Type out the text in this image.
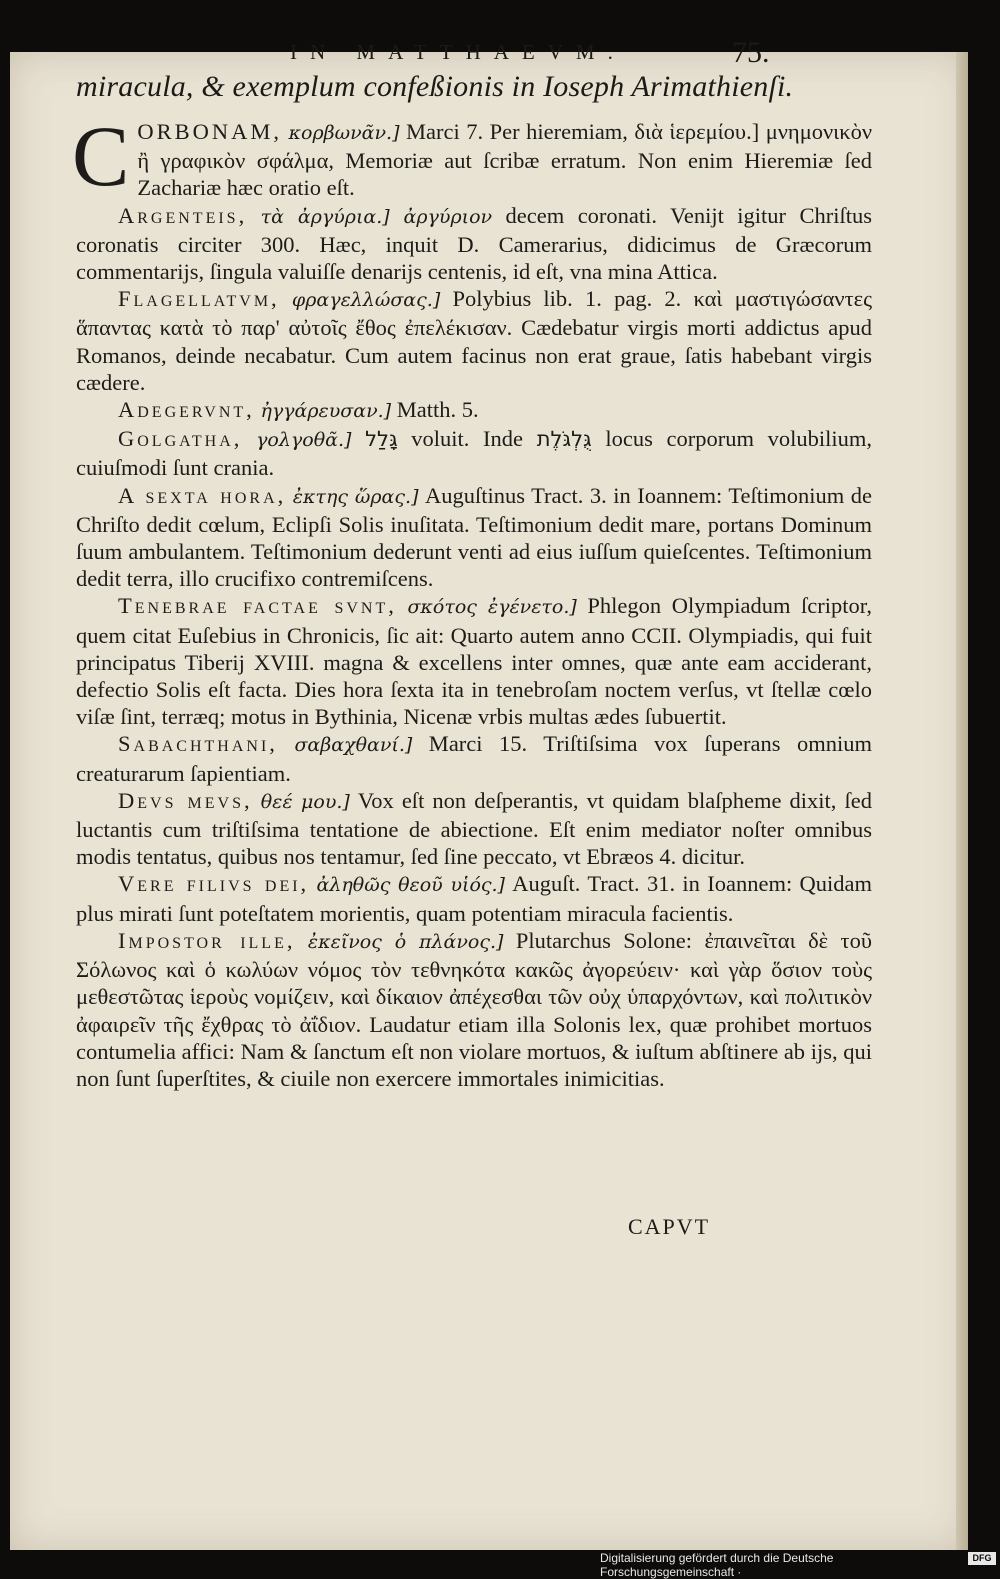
IN MATTHAEVM.	75.
miracula, & exemplum confeßionis in Ioseph Arimathienſi.

CORBONAM, κορβωνᾶν.] Marci 7. Per hieremiam, διὰ ἱερεμίου.] μνημονικὸν ἢ γραφικὸν σφάλμα, Memoriæ aut ſcribæ erratum. Non enim Hieremiæ ſed Zachariæ hæc oratio eſt.

Argenteis, τὰ ἀργύρια.] ἀργύριον decem coronati. Venijt igitur Chriſtus coronatis circiter 300. Hæc, inquit D. Camerarius, didicimus de Græcorum commentarijs, ſingula valuiſſe denarijs centenis, id eſt, vna mina Attica.

Flagellatvm, φραγελλώσας.] Polybius lib. 1. pag. 2. καὶ μαστιγώσαντες ἅπαντας κατὰ τὸ παρ' αὐτοῖς ἔθος ἐπελέκισαν. Cædebatur virgis morti addictus apud Romanos, deinde necabatur. Cum autem facinus non erat graue, ſatis habebant virgis cædere.

Adegervnt, ἠγγάρευσαν.] Matth. 5.

Golgatha, γολγοθᾶ.] גָּלַל voluit. Inde גֻּלְגֹּלֶת locus corporum volubilium, cuiuſmodi ſunt crania.

A sexta hora, ἐκτης ὥρας.] Auguſtinus Tract. 3. in Ioannem: Teſtimonium de Chriſto dedit cœlum, Eclipſi Solis inuſitata. Teſtimonium dedit mare, portans Dominum ſuum ambulantem. Teſtimonium dederunt venti ad eius iuſſum quieſcentes. Teſtimonium dedit terra, illo crucifixo contremiſcens.

Tenebrae factae svnt, σκότος ἐγένετο.] Phlegon Olympiadum ſcriptor, quem citat Euſebius in Chronicis, ſic ait: Quarto autem anno CCII. Olympiadis, qui fuit principatus Tiberij XVIII. magna & excellens inter omnes, quæ ante eam acciderant, defectio Solis eſt facta. Dies hora ſexta ita in tenebroſam noctem verſus, vt ſtellæ cœlo viſæ ſint, terræq; motus in Bythinia, Nicenæ vrbis multas ædes ſubuertit.

Sabachthani, σαβαχθανί.] Marci 15. Triſtiſsima vox ſuperans omnium creaturarum ſapientiam.

Devs mevs, θεέ μου.] Vox eſt non deſperantis, vt quidam blaſpheme dixit, ſed luctantis cum triſtiſsima tentatione de abiectione. Eſt enim mediator noſter omnibus modis tentatus, quibus nos tentamur, ſed ſine peccato, vt Ebræos 4. dicitur.

Vere filivs dei, ἀληθῶς θεοῦ υἱός.] Auguſt. Tract. 31. in Ioannem: Quidam plus mirati ſunt poteſtatem morientis, quam potentiam miracula facientis.

Impostor ille, ἐκεῖνος ὁ πλάνος.] Plutarchus Solone: ἐπαινεῖται δὲ τοῦ Σόλωνος καὶ ὁ κωλύων νόμος τὸν τεθνηκότα κακῶς ἀγορεύειν· καὶ γὰρ ὅσιον τοὺς μεθεστῶτας ἱεροὺς νομίζειν, καὶ δίκαιον ἀπέχεσθαι τῶν οὐχ ὑπαρχόντων, καὶ πολιτικὸν ἀφαιρεῖν τῆς ἔχθρας τὸ ἀΐδιον. Laudatur etiam illa Solonis lex, quæ prohibet mortuos contumelia affici: Nam & ſanctum eſt non violare mortuos, & iuſtum abſtinere ab ijs, qui non ſunt ſuperſtites, & ciuile non exercere immortales inimicitias.

CAPVT
Digitalisierung gefördert durch die Deutsche Forschungsgemeinschaft ·
DFG
